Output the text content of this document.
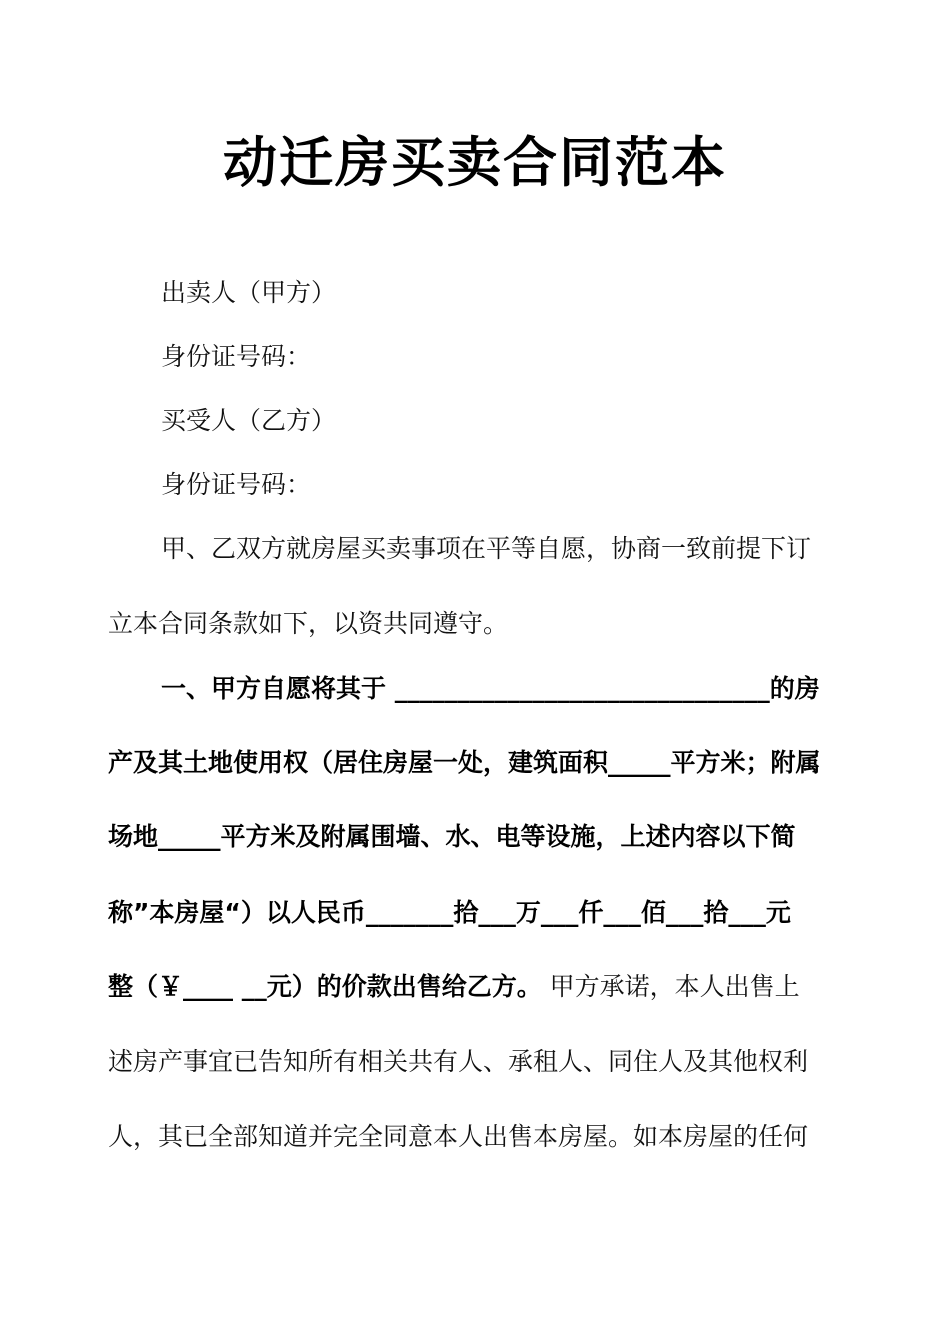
动迁房买卖合同范本

出卖人（甲方）

身份证号码：

买受人（乙方）

身份证号码：

甲、乙双方就房屋买卖事项在平等自愿，协商一致前提下订

立本合同条款如下，以资共同遵守。

一、甲方自愿将其于 ______________________________的房

产及其土地使用权（居住房屋一处，建筑面积_____平方米；附属

场地_____平方米及附属围墙、水、电等设施，上述内容以下简

称”本房屋“）以人民币_______拾___万___仟___佰___拾___元

整（￥____ __元）的价款出售给乙方。 甲方承诺，本人出售上

述房产事宜已告知所有相关共有人、承租人、同住人及其他权利

人，其已全部知道并完全同意本人出售本房屋。如本房屋的任何
